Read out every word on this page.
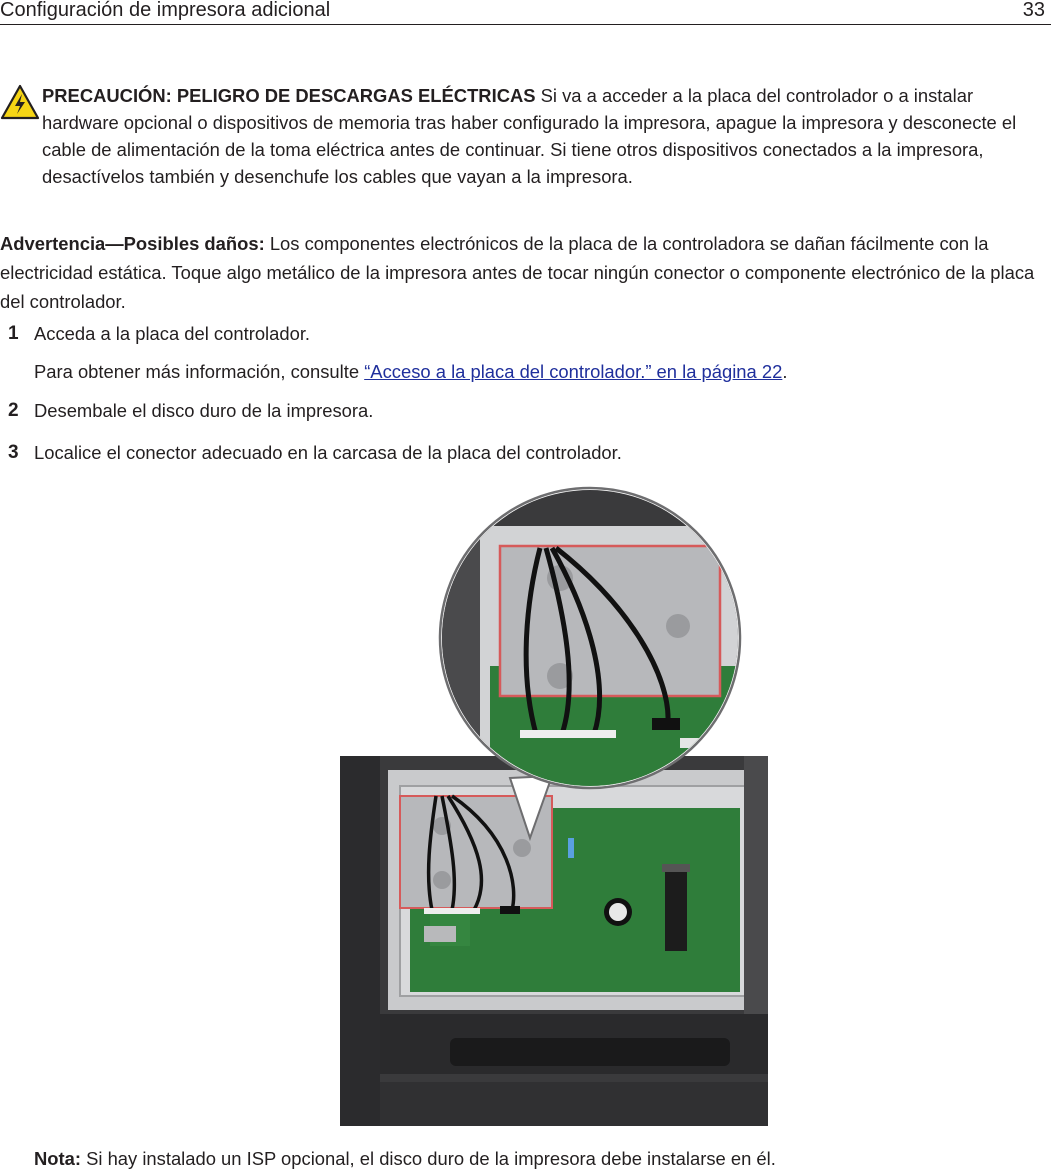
Configuración de impresora adicional	33
PRECAUCIÓN: PELIGRO DE DESCARGAS ELÉCTRICAS Si va a acceder a la placa del controlador o a instalar hardware opcional o dispositivos de memoria tras haber configurado la impresora, apague la impresora y desconecte el cable de alimentación de la toma eléctrica antes de continuar. Si tiene otros dispositivos conectados a la impresora, desactívelos también y desenchufe los cables que vayan a la impresora.
Advertencia—Posibles daños: Los componentes electrónicos de la placa de la controladora se dañan fácilmente con la electricidad estática. Toque algo metálico de la impresora antes de tocar ningún conector o componente electrónico de la placa del controlador.
1 Acceda a la placa del controlador.
Para obtener más información, consulte “Acceso a la placa del controlador.” en la página 22.
2 Desembale el disco duro de la impresora.
3 Localice el conector adecuado en la carcasa de la placa del controlador.
Nota: Si hay instalado un ISP opcional, el disco duro de la impresora debe instalarse en él.
